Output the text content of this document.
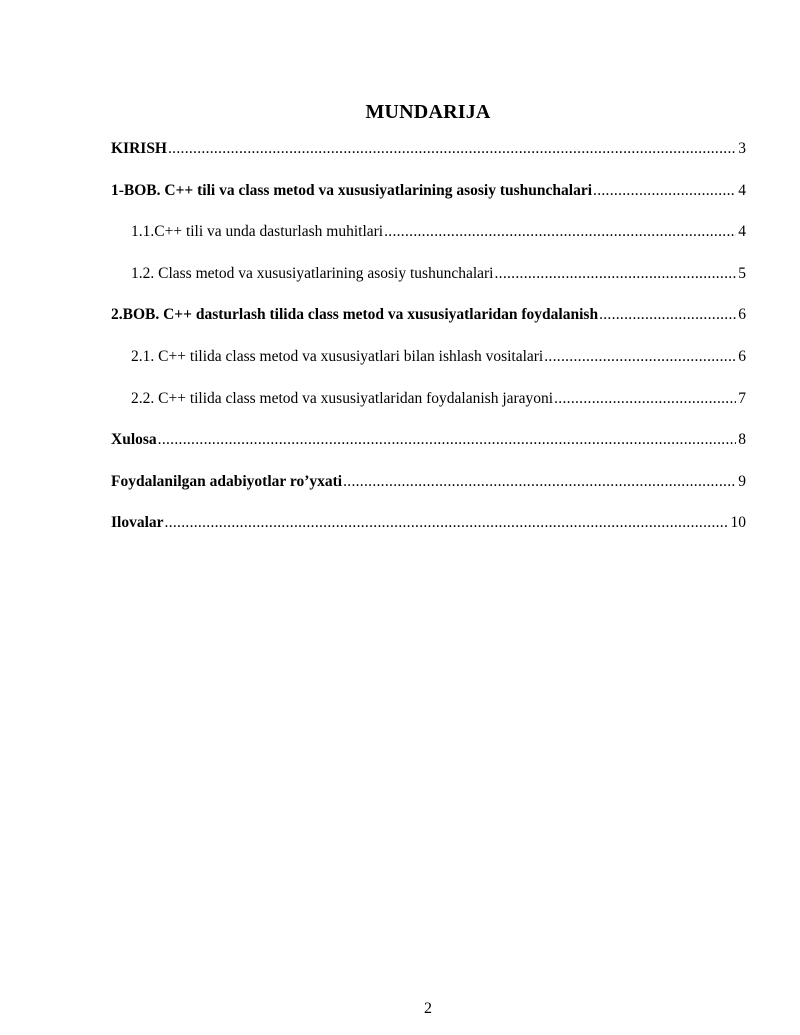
MUNDARIJA
KIRISH .....	3
1-BOB. C++ tili va class metod va xususiyatlarining asosiy tushunchalari .....	4
1.1.C++ tili va unda dasturlash muhitlari .....	4
1.2. Class metod va xususiyatlarining asosiy tushunchalari .....	5
2.BOB. C++ dasturlash tilida class metod va xususiyatlaridan foydalanish .....	6
2.1. C++ tilida class metod va xususiyatlari bilan ishlash vositalari .....	6
2.2. C++ tilida class metod va xususiyatlaridan foydalanish jarayoni .....	7
Xulosa .....	8
Foydalanilgan adabiyotlar ro’yxati .....	9
Ilovalar .....	10
2
